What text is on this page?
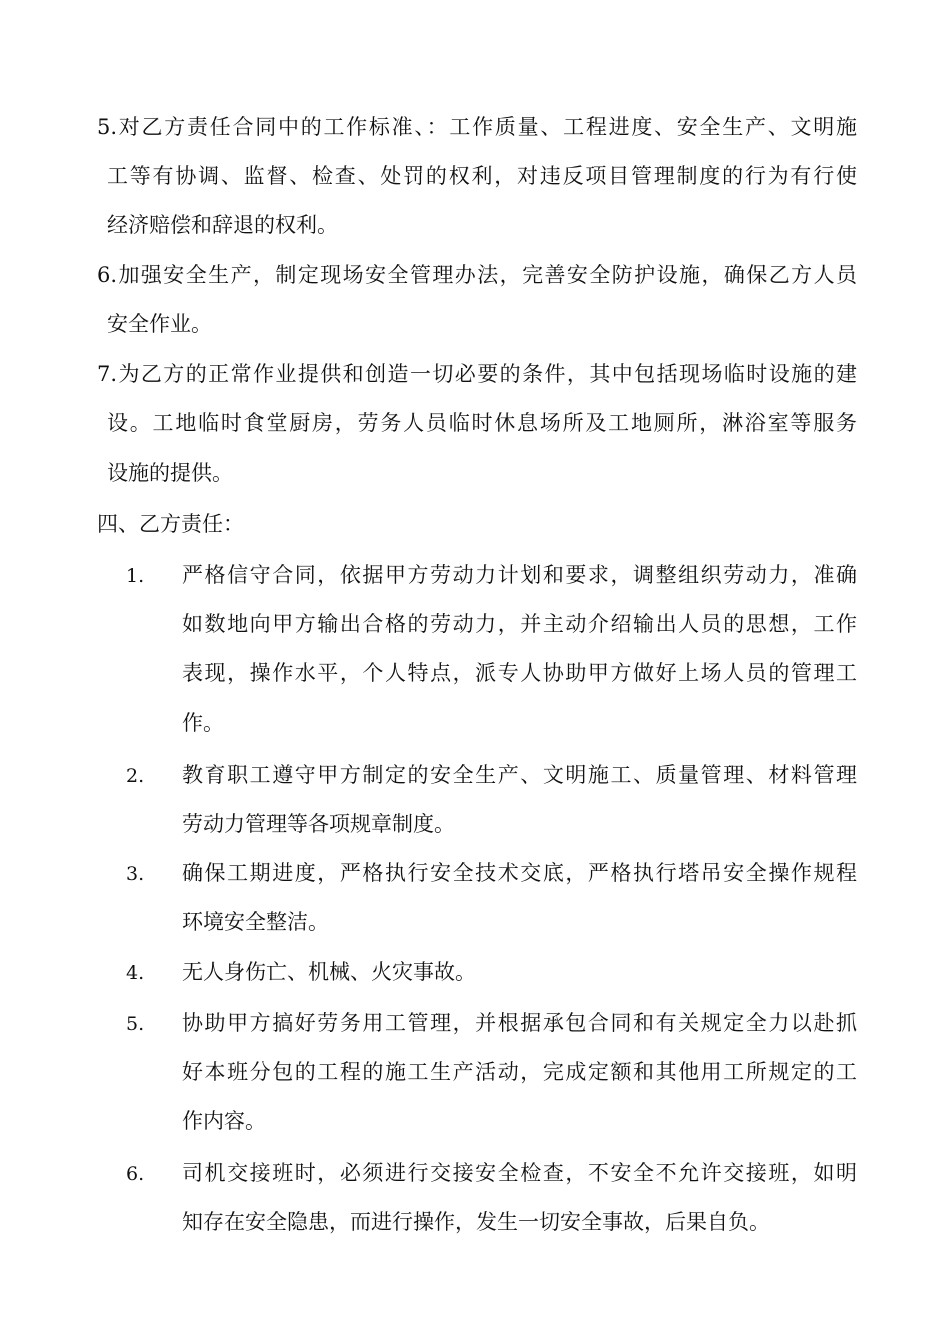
5.对乙方责任合同中的工作标准、：工作质量、工程进度、安全生产、文明施
工等有协调、监督、检查、处罚的权利，对违反项目管理制度的行为有行使
经济赔偿和辞退的权利。
6.加强安全生产，制定现场安全管理办法，完善安全防护设施，确保乙方人员
安全作业。
7.为乙方的正常作业提供和创造一切必要的条件，其中包括现场临时设施的建
设。工地临时食堂厨房，劳务人员临时休息场所及工地厕所，淋浴室等服务
设施的提供。
四、乙方责任：
1. 严格信守合同，依据甲方劳动力计划和要求，调整组织劳动力，准确
如数地向甲方输出合格的劳动力，并主动介绍输出人员的思想，工作
表现，操作水平，个人特点，派专人协助甲方做好上场人员的管理工
作。
2. 教育职工遵守甲方制定的安全生产、文明施工、质量管理、材料管理
劳动力管理等各项规章制度。
3. 确保工期进度，严格执行安全技术交底，严格执行塔吊安全操作规程
环境安全整洁。
4. 无人身伤亡、机械、火灾事故。
5. 协助甲方搞好劳务用工管理，并根据承包合同和有关规定全力以赴抓
好本班分包的工程的施工生产活动，完成定额和其他用工所规定的工
作内容。
6. 司机交接班时，必须进行交接安全检查，不安全不允许交接班，如明
知存在安全隐患，而进行操作，发生一切安全事故，后果自负。
